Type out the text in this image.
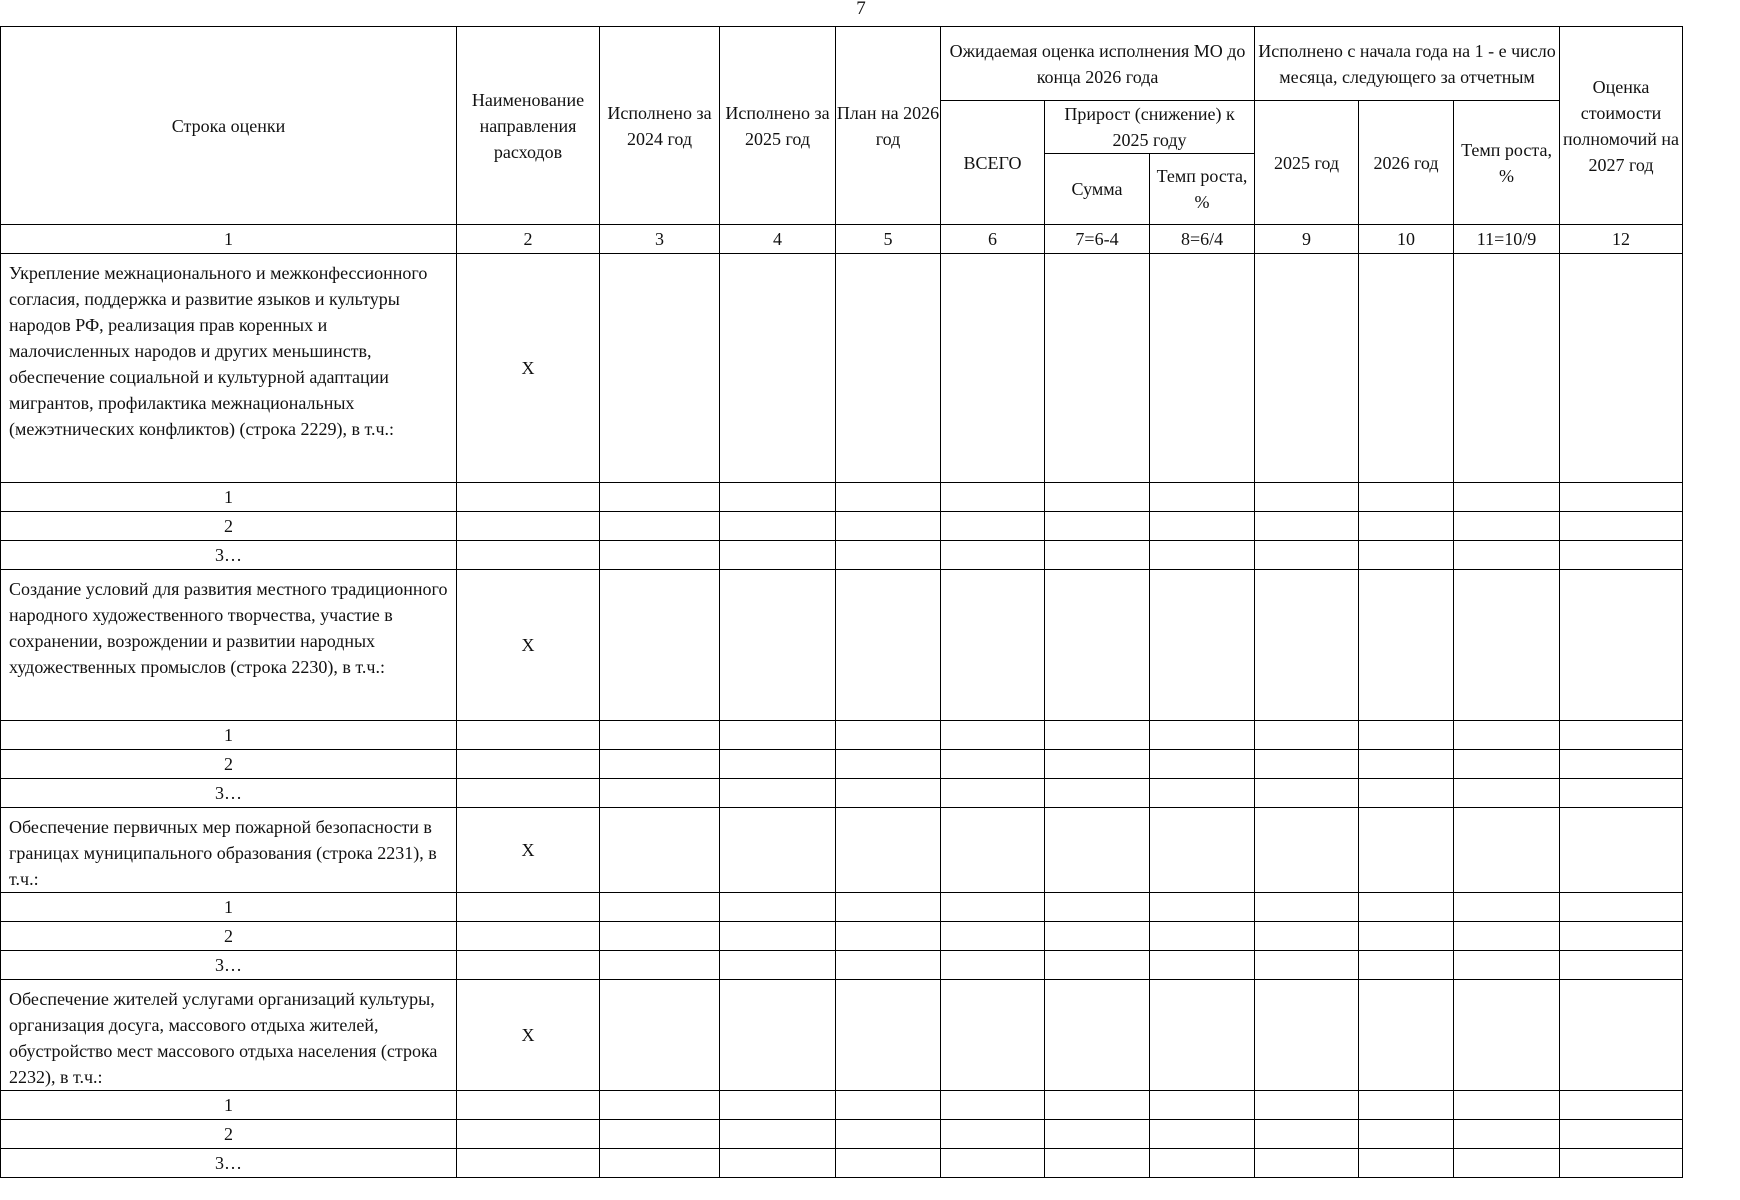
7
Строка оценки	Наименование направления расходов	Исполнено за 2024 год	Исполнено за 2025 год	План на 2026 год	Ожидаемая оценка исполнения МО до конца 2026 года			Исполнено с начала года на 1 - е число месяца, следующего за отчетным			Оценка стоимости полномочий на 2027 год
					ВСЕГО	Прирост (снижение) к 2025 году		2025 год	2026 год	Темп роста, %	
						Сумма	Темп роста, %				
1	2	3	4	5	6	7=6-4	8=6/4	9	10	11=10/9	12
Укрепление межнационального и межконфессионного согласия, поддержка и развитие языков и культуры народов РФ, реализация прав коренных и малочисленных народов и других меньшинств, обеспечение социальной и культурной адаптации мигрантов, профилактика межнациональных (межэтнических конфликтов) (строка 2229), в т.ч.:	Х										
1											
2											
3…											
Создание условий для развития местного традиционного народного художественного творчества, участие в сохранении, возрождении и развитии народных художественных промыслов (строка 2230), в т.ч.:	Х										
1											
2											
3…											
Обеспечение первичных мер пожарной безопасности в границах муниципального образования (строка 2231), в т.ч.:	Х										
1											
2											
3…											
Обеспечение жителей услугами организаций культуры, организация досуга, массового отдыха жителей, обустройство мест массового отдыха населения (строка 2232), в т.ч.:	Х										
1											
2											
3…											
